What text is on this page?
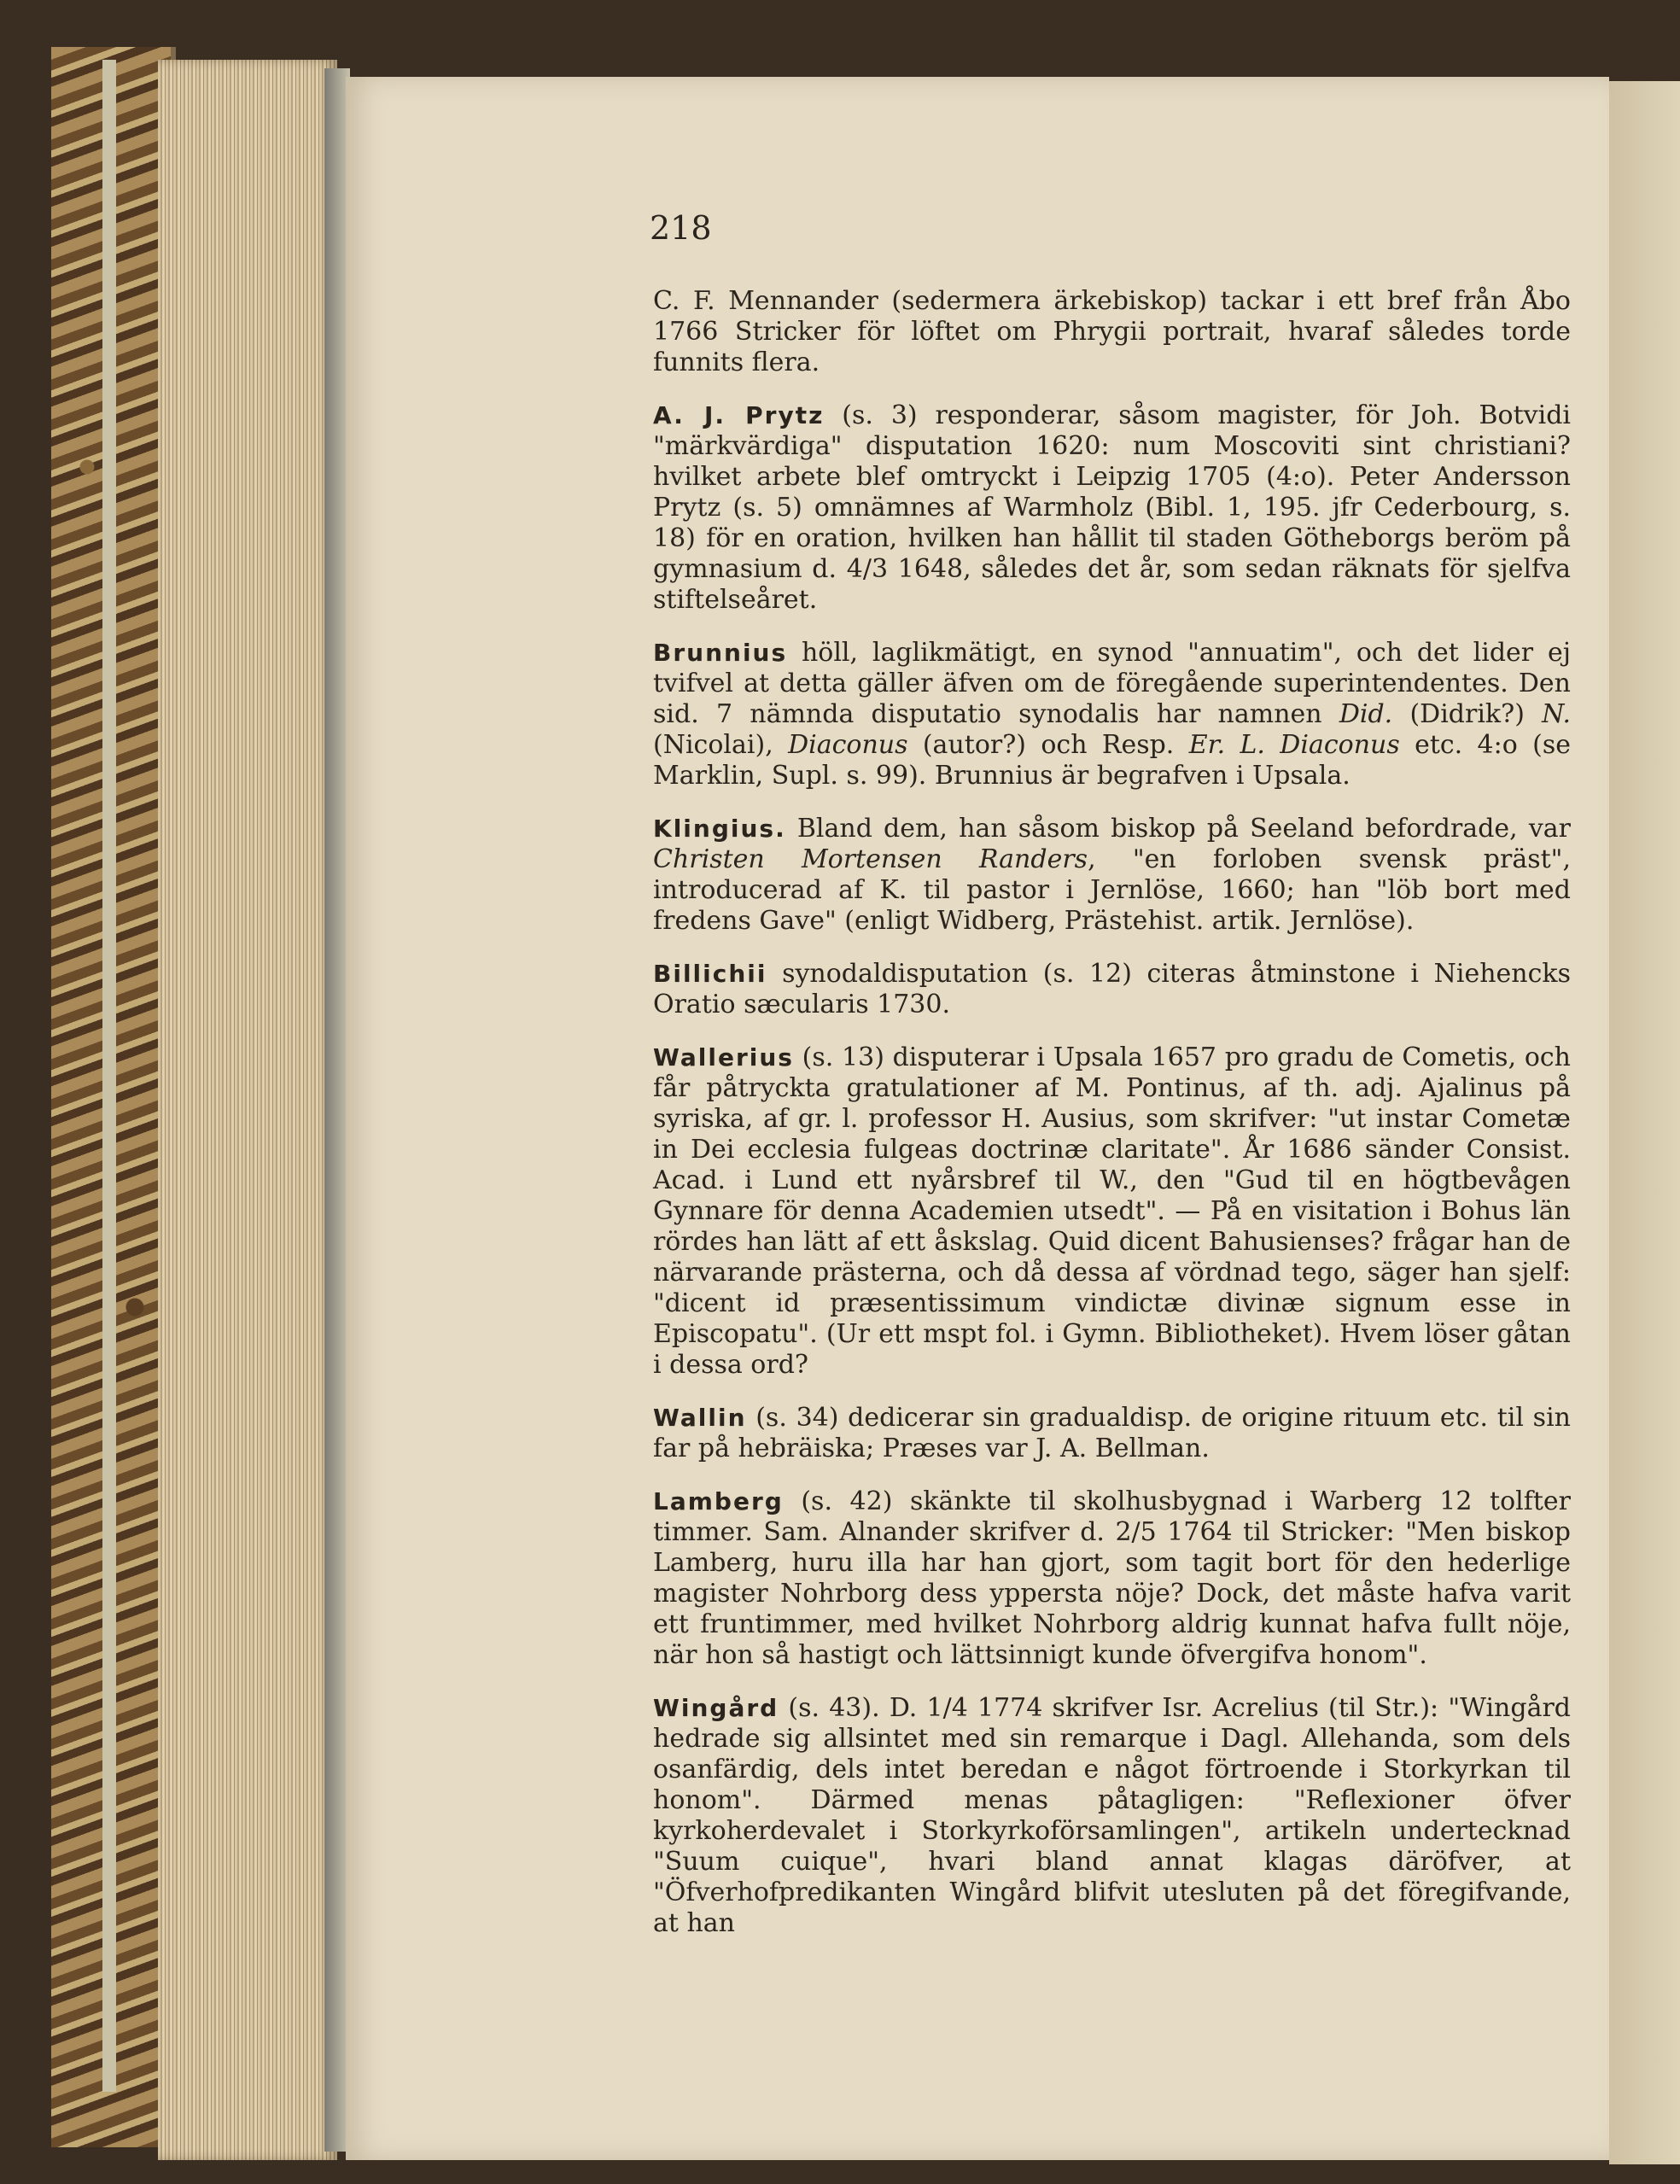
218

C. F. Mennander (sedermera ärkebiskop) tackar i ett bref från Åbo 1766 Stricker för löftet om Phrygii portrait, hvaraf således torde funnits flera.

A. J. Prytz (s. 3) responderar, såsom magister, för Joh. Botvidi "märkvärdiga" disputation 1620: num Moscoviti sint christiani? hvilket arbete blef omtryckt i Leipzig 1705 (4:o). Peter Andersson Prytz (s. 5) omnämnes af Warmholz (Bibl. 1, 195. jfr Cederbourg, s. 18) för en oration, hvilken han hållit til staden Götheborgs beröm på gymnasium d. 4/3 1648, således det år, som sedan räknats för sjelfva stiftelseåret.

Brunnius höll, laglikmätigt, en synod "annuatim", och det lider ej tvifvel at detta gäller äfven om de föregående superintendentes. Den sid. 7 nämnda disputatio synodalis har namnen Did. (Didrik?) N. (Nicolai), Diaconus (autor?) och Resp. Er. L. Diaconus etc. 4:o (se Marklin, Supl. s. 99). Brunnius är begrafven i Upsala.

Klingius. Bland dem, han såsom biskop på Seeland befordrade, var Christen Mortensen Randers, "en forloben svensk präst", introducerad af K. til pastor i Jernlöse, 1660; han "löb bort med fredens Gave" (enligt Widberg, Prästehist. artik. Jernlöse).

Billichii synodaldisputation (s. 12) citeras åtminstone i Niehencks Oratio sæcularis 1730.

Wallerius (s. 13) disputerar i Upsala 1657 pro gradu de Cometis, och får påtryckta gratulationer af M. Pontinus, af th. adj. Ajalinus på syriska, af gr. l. professor H. Ausius, som skrifver: "ut instar Cometæ in Dei ecclesia fulgeas doctrinæ claritate". År 1686 sänder Consist. Acad. i Lund ett nyårsbref til W., den "Gud til en högtbevågen Gynnare för denna Academien utsedt". — På en visitation i Bohus län rördes han lätt af ett åskslag. Quid dicent Bahusienses? frågar han de närvarande prästerna, och då dessa af vördnad tego, säger han sjelf: "dicent id præsentissimum vindictæ divinæ signum esse in Episcopatu". (Ur ett mspt fol. i Gymn. Bibliotheket). Hvem löser gåtan i dessa ord?

Wallin (s. 34) dedicerar sin gradualdisp. de origine rituum etc. til sin far på hebräiska; Præses var J. A. Bellman.

Lamberg (s. 42) skänkte til skolhusbygnad i Warberg 12 tolfter timmer. Sam. Alnander skrifver d. 2/5 1764 til Stricker: "Men biskop Lamberg, huru illa har han gjort, som tagit bort för den hederlige magister Nohrborg dess yppersta nöje? Dock, det måste hafva varit ett fruntimmer, med hvilket Nohrborg aldrig kunnat hafva fullt nöje, när hon så hastigt och lättsinnigt kunde öfvergifva honom".

Wingård (s. 43). D. 1/4 1774 skrifver Isr. Acrelius (til Str.): "Wingård hedrade sig allsintet med sin remarque i Dagl. Allehanda, som dels osanfärdig, dels intet beredan e något förtroende i Storkyrkan til honom". Därmed menas påtagligen: "Reflexioner öfver kyrkoherdevalet i Storkyrkoförsamlingen", artikeln undertecknad "Suum cuique", hvari bland annat klagas däröfver, at "Öfverhofpredikanten Wingård blifvit utesluten på det föregifvande, at han
